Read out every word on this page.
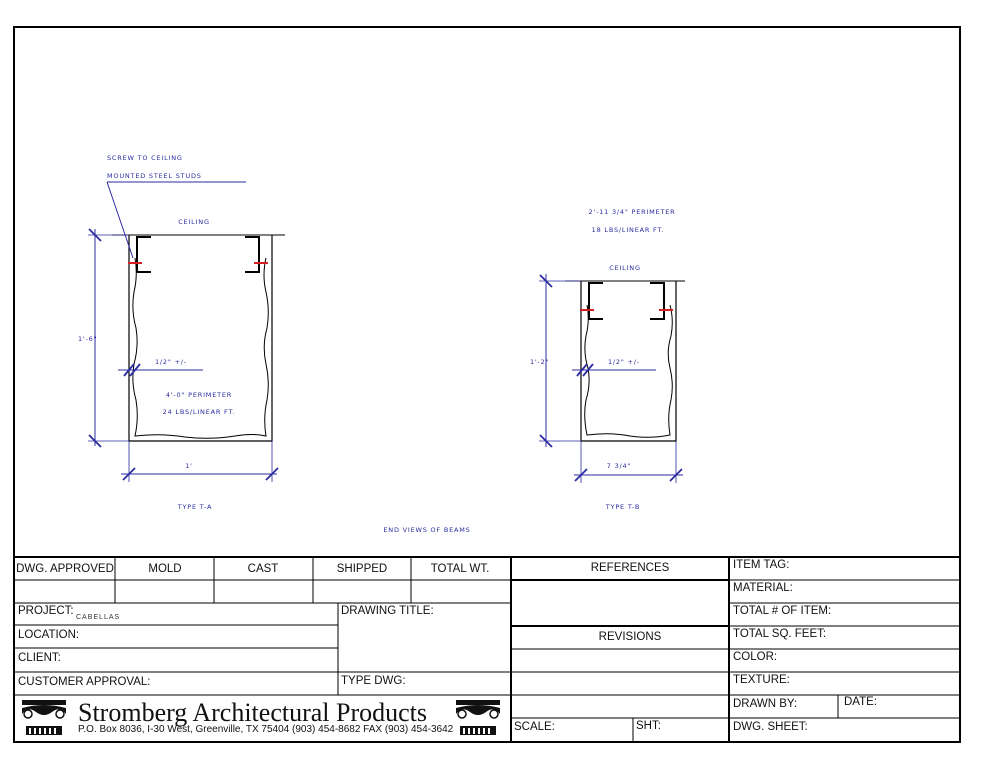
SCREW TO CEILING
MOUNTED STEEL STUDS
CEILING
1'-6"
1/2" +/-
4'-0" PERIMETER
24 LBS/LINEAR FT.
1'
TYPE T-A
2'-11 3/4" PERIMETER
18 LBS/LINEAR FT.
CEILING
1'-2"	1/2" +/-
7 3/4"
TYPE T-B
END VIEWS OF BEAMS
DWG. APPROVED	MOLD	CAST	SHIPPED	TOTAL WT.
PROJECT:
CABELLAS
LOCATION:
CLIENT:
CUSTOMER APPROVAL:
DRAWING TITLE:
TYPE DWG:
REFERENCES
REVISIONS
SCALE:	SHT:
ITEM TAG:
MATERIAL:
TOTAL # OF ITEM:
TOTAL SQ. FEET:
COLOR:
TEXTURE:
DRAWN BY:	DATE:
DWG. SHEET:
Stromberg Architectural Products
P.O. Box 8036, I-30 West, Greenville, TX 75404 (903) 454-8682 FAX (903) 454-3642
